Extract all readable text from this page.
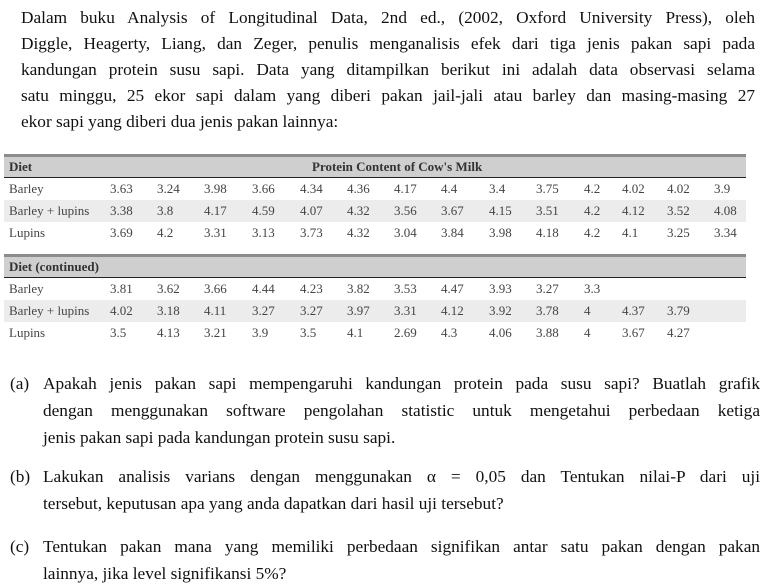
Dalam buku Analysis of Longitudinal Data, 2nd ed., (2002, Oxford University Press), oleh
Diggle, Heagerty, Liang, dan Zeger, penulis menganalisis efek dari tiga jenis pakan sapi pada
kandungan protein susu sapi. Data yang ditampilkan berikut ini adalah data observasi selama
satu minggu, 25 ekor sapi dalam yang diberi pakan jail-jali atau barley dan masing-masing 27
ekor sapi yang diberi dua jenis pakan lainnya:
Diet	Protein Content of Cow's Milk
Barley	3.63 3.24 3.98 3.66 4.34 4.36 4.17 4.4 3.4 3.75 4.2 4.02 4.02 3.9
Barley + lupins 3.38 3.8 4.17 4.59 4.07 4.32 3.56 3.67 4.15 3.51 4.2 4.12 3.52 4.08
Lupins	3.69 4.2 3.31 3.13 3.73 4.32 3.04 3.84 3.98 4.18 4.2 4.1 3.25 3.34
Diet (continued)
Barley	3.81 3.62 3.66 4.44 4.23 3.82 3.53 4.47 3.93 3.27 3.3
Barley + lupins 4.02 3.18 4.11 3.27 3.27 3.97 3.31 4.12 3.92 3.78 4 4.37 3.79
Lupins	3.5 4.13 3.21 3.9 3.5 4.1 2.69 4.3 4.06 3.88 4 3.67 4.27
(a) Apakah jenis pakan sapi mempengaruhi kandungan protein pada susu sapi? Buatlah grafik
dengan menggunakan software pengolahan statistic untuk mengetahui perbedaan ketiga
jenis pakan sapi pada kandungan protein susu sapi.
(b) Lakukan analisis varians dengan menggunakan α = 0,05 dan Tentukan nilai-P dari uji
tersebut, keputusan apa yang anda dapatkan dari hasil uji tersebut?
(c) Tentukan pakan mana yang memiliki perbedaan signifikan antar satu pakan dengan pakan
lainnya, jika level signifikansi 5%?
